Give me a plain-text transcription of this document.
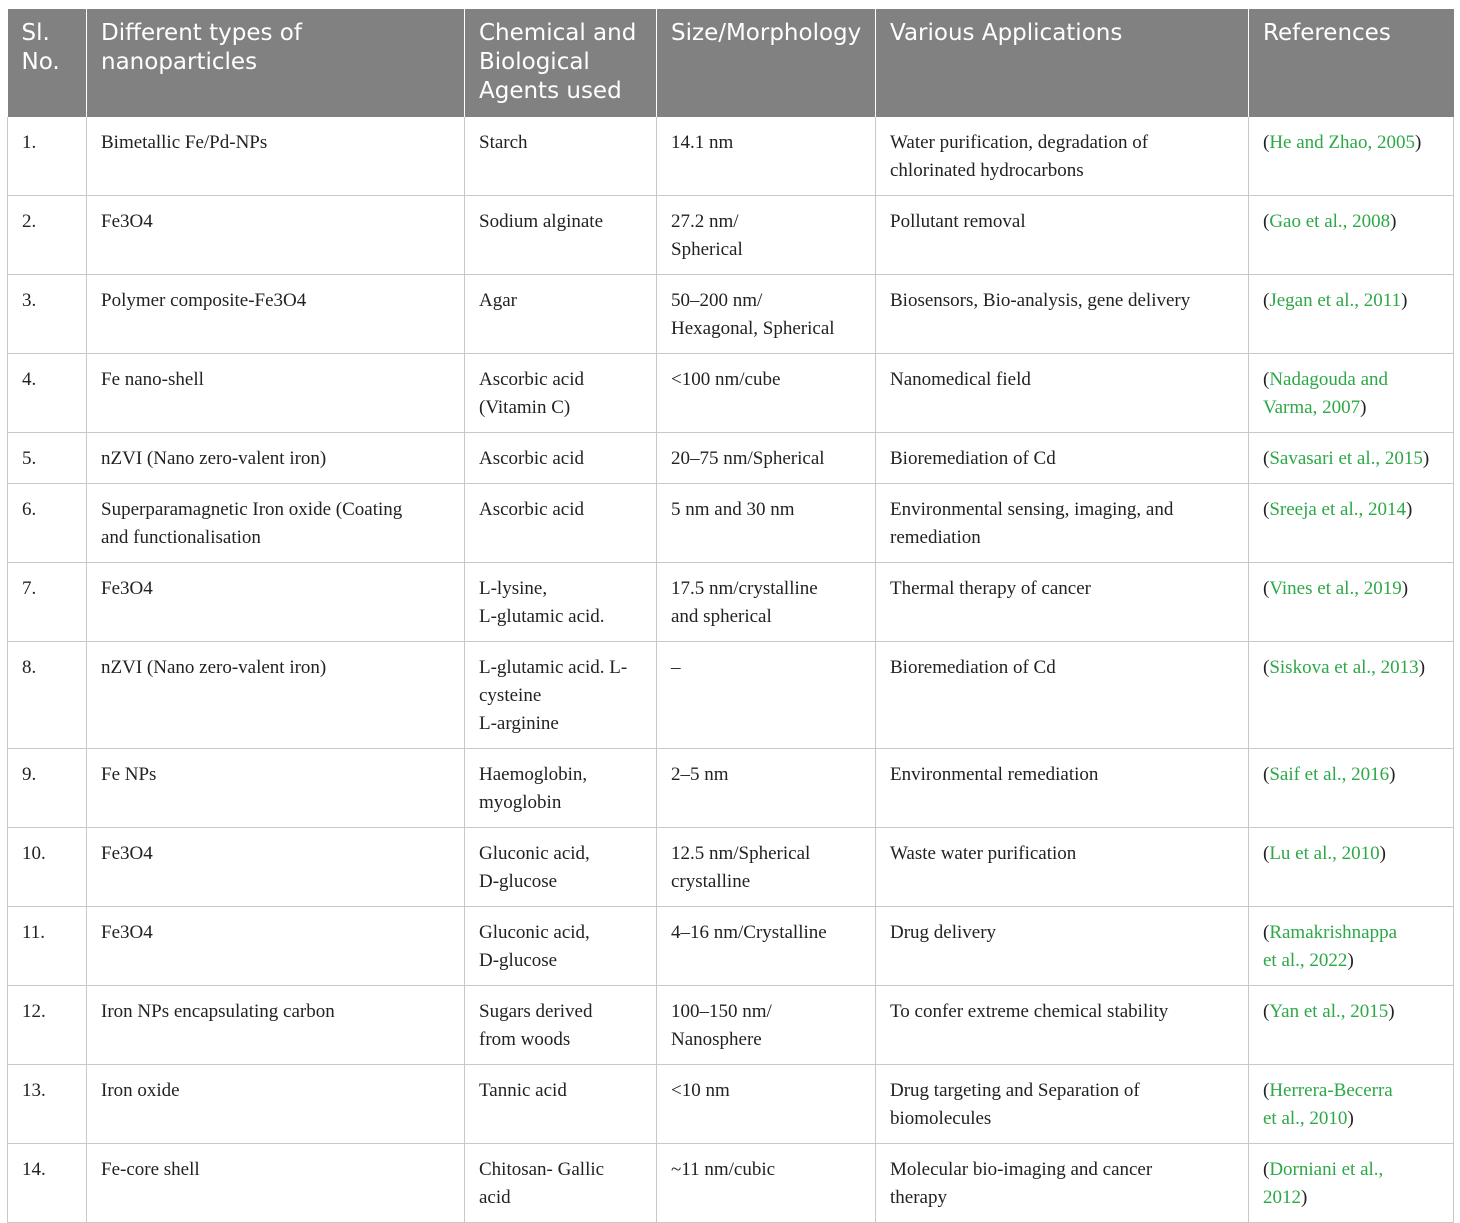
Sl.
No.	Different types of nanoparticles	Chemical and
Biological
Agents used	Size/Morphology	Various Applications	References

1.	Bimetallic Fe/Pd-NPs	Starch	14.1 nm	Water purification, degradation of
chlorinated hydrocarbons	(He and Zhao, 2005)

2.	Fe3O4	Sodium alginate	27.2 nm/
Spherical	Pollutant removal	(Gao et al., 2008)

3.	Polymer composite-Fe3O4	Agar	50–200 nm/
Hexagonal, Spherical	Biosensors, Bio-analysis, gene delivery	(Jegan et al., 2011)

4.	Fe nano-shell	Ascorbic acid
(Vitamin C)	<100 nm/cube	Nanomedical field	(Nadagouda and
Varma, 2007)

5.	nZVI (Nano zero-valent iron)	Ascorbic acid	20–75 nm/Spherical	Bioremediation of Cd	(Savasari et al., 2015)

6.	Superparamagnetic Iron oxide (Coating
and functionalisation	Ascorbic acid	5 nm and 30 nm	Environmental sensing, imaging, and
remediation	(Sreeja et al., 2014)

7.	Fe3O4	L-lysine,
L-glutamic acid.	17.5 nm/crystalline
and spherical	Thermal therapy of cancer	(Vines et al., 2019)

8.	nZVI (Nano zero-valent iron)	L-glutamic acid. L-
cysteine
L-arginine	–	Bioremediation of Cd	(Siskova et al., 2013)

9.	Fe NPs	Haemoglobin,
myoglobin	2–5 nm	Environmental remediation	(Saif et al., 2016)

10.	Fe3O4	Gluconic acid,
D-glucose	12.5 nm/Spherical
crystalline	Waste water purification	(Lu et al., 2010)

11.	Fe3O4	Gluconic acid,
D-glucose	4–16 nm/Crystalline	Drug delivery	(Ramakrishnappa
et al., 2022)

12.	Iron NPs encapsulating carbon	Sugars derived
from woods	100–150 nm/
Nanosphere	To confer extreme chemical stability	(Yan et al., 2015)

13.	Iron oxide	Tannic acid	<10 nm	Drug targeting and Separation of
biomolecules	(Herrera-Becerra
et al., 2010)

14.	Fe-core shell	Chitosan- Gallic
acid	~11 nm/cubic	Molecular bio-imaging and cancer
therapy	(Dorniani et al.,
2012)
